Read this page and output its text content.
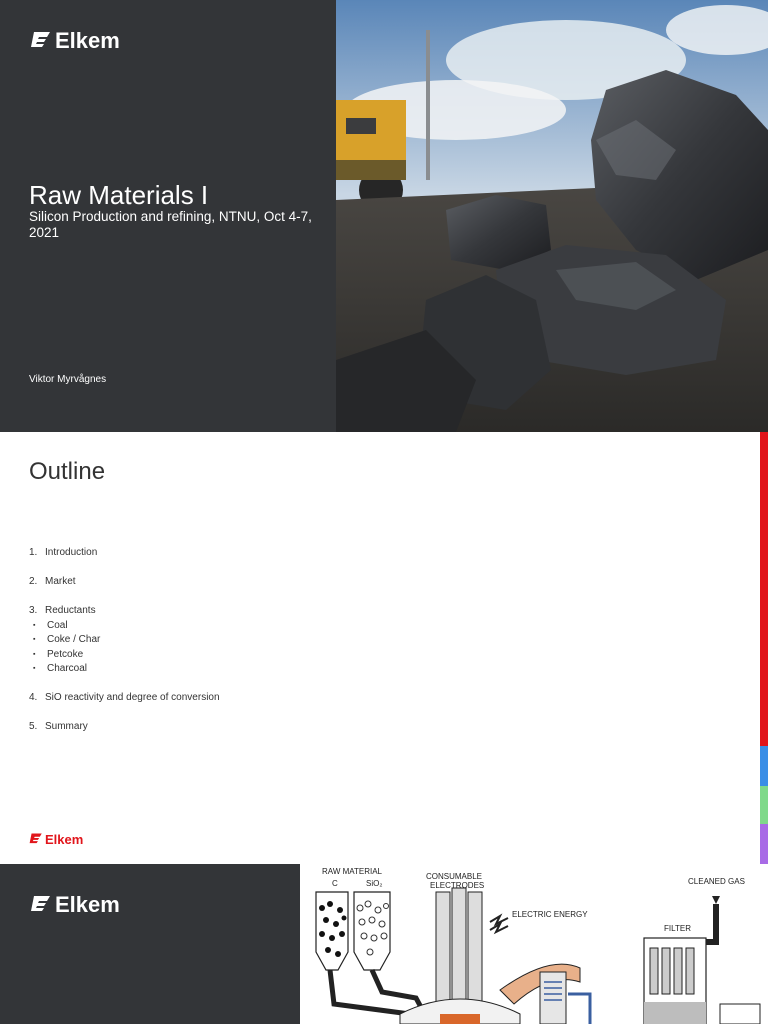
Elkem
Raw Materials I
Silicon Production and refining, NTNU, Oct 4-7, 2021
Viktor Myrvågnes
Outline
1. Introduction
2. Market
3. Reductants
▪	Coal
▪	Coke / Char
▪	Petcoke
▪	Charcoal
4. SiO reactivity and degree of conversion
5. Summary
Elkem
Elkem
RAW MATERIAL
C	SiO₂
CONSUMABLE
ELECTRODES
ELECTRIC ENERGY
CLEANED GAS
FILTER
